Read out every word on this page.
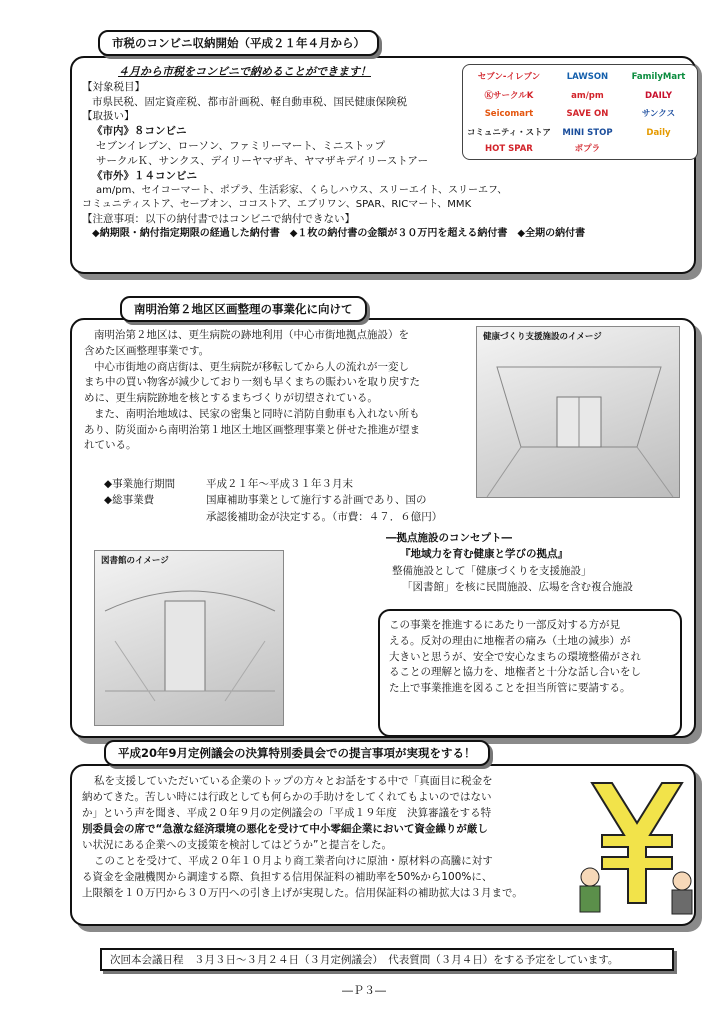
市税のコンビニ収納開始（平成２１年４月から）
４月から市税をコンビニで納めることができます！
【対象税目】
市県民税、固定資産税、都市計画税、軽自動車税、国民健康保険税
【取扱い】
《市内》８コンビニ
セブンイレブン、ローソン、ファミリーマート、ミニストップ
サークルＫ、サンクス、デイリーヤマザキ、ヤマザキデイリーストアー
《市外》１４コンビニ
am/pm、セイコーマート、ポプラ、生活彩家、くらしハウス、スリーエイト、スリーエフ、
コミュニティストア、セーブオン、ココストア、エブリワン、SPAR、RICマート、MMK
【注意事項：以下の納付書ではコンビニで納付できない】
◆納期限・納付指定期限の経過した納付書　◆１枚の納付書の金額が３０万円を超える納付書　◆全期の納付書
セブン-イレブン	LAWSON	FamilyMart
ⓀサークルK	am/pm	DAILY
Seicomart	SAVE ON	サンクス
コミュニティ・ストア MINI STOP	Daily
HOT SPAR	ポプラ
南明治第２地区区画整理の事業化に向けて
南明治第２地区は、更生病院の跡地利用（中心市街地拠点施設）を
含めた区画整理事業です。
中心市街地の商店街は、更生病院が移転してから人の流れが一変し
まち中の買い物客が減少しており一刻も早くまちの賑わいを取り戻すた
めに、更生病院跡地を核とするまちづくりが切望されている。
また、南明治地域は、民家の密集と同時に消防自動車も入れない所も
あり、防災面から南明治第１地区土地区画整理事業と併せた推進が望ま
れている。
健康づくり支援施設のイメージ
◆事業施行期間	平成２１年～平成３１年３月末
◆総事業費	国庫補助事業として施行する計画であり、国の
承認後補助金が決定する。（市費：４７．６億円）
―拠点施設のコンセプト―
『地域力を育む健康と学びの拠点』
整備施設として「健康づくりを支援施設」
「図書館」を核に民間施設、広場を含む複合施設
図書館のイメージ
この事業を推進するにあたり一部反対する方が見
える。反対の理由に地権者の痛み（土地の減歩）が
大きいと思うが、安全で安心なまちの環境整備がされ
ることの理解と協力を、地権者と十分な話し合いをし
た上で事業推進を図ることを担当所管に要請する。
平成20年9月定例議会の決算特別委員会での提言事項が実現をする！
私を支援していただいている企業のトップの方々とお話をする中で「真面目に税金を
納めてきた。苦しい時には行政としても何らかの手助けをしてくれてもよいのではない
か」という声を聞き、平成２０年９月の定例議会の「平成１９年度　決算審議をする特
別委員会の席で“急激な経済環境の悪化を受けて中小零細企業において資金繰りが厳し
い状況にある企業への支援策を検討してはどうか”と提言をした。
このことを受けて、平成２０年１０月より商工業者向けに原油・原材料の高騰に対す
る資金を金融機関から調達する際、負担する信用保証料の補助率を50%から100%に、
上限額を１０万円から３０万円への引き上げが実現した。信用保証料の補助拡大は３月まで。
次回本会議日程　３月３日～３月２４日（３月定例議会）　代表質問（３月４日）をする予定をしています。
―Ｐ３―
